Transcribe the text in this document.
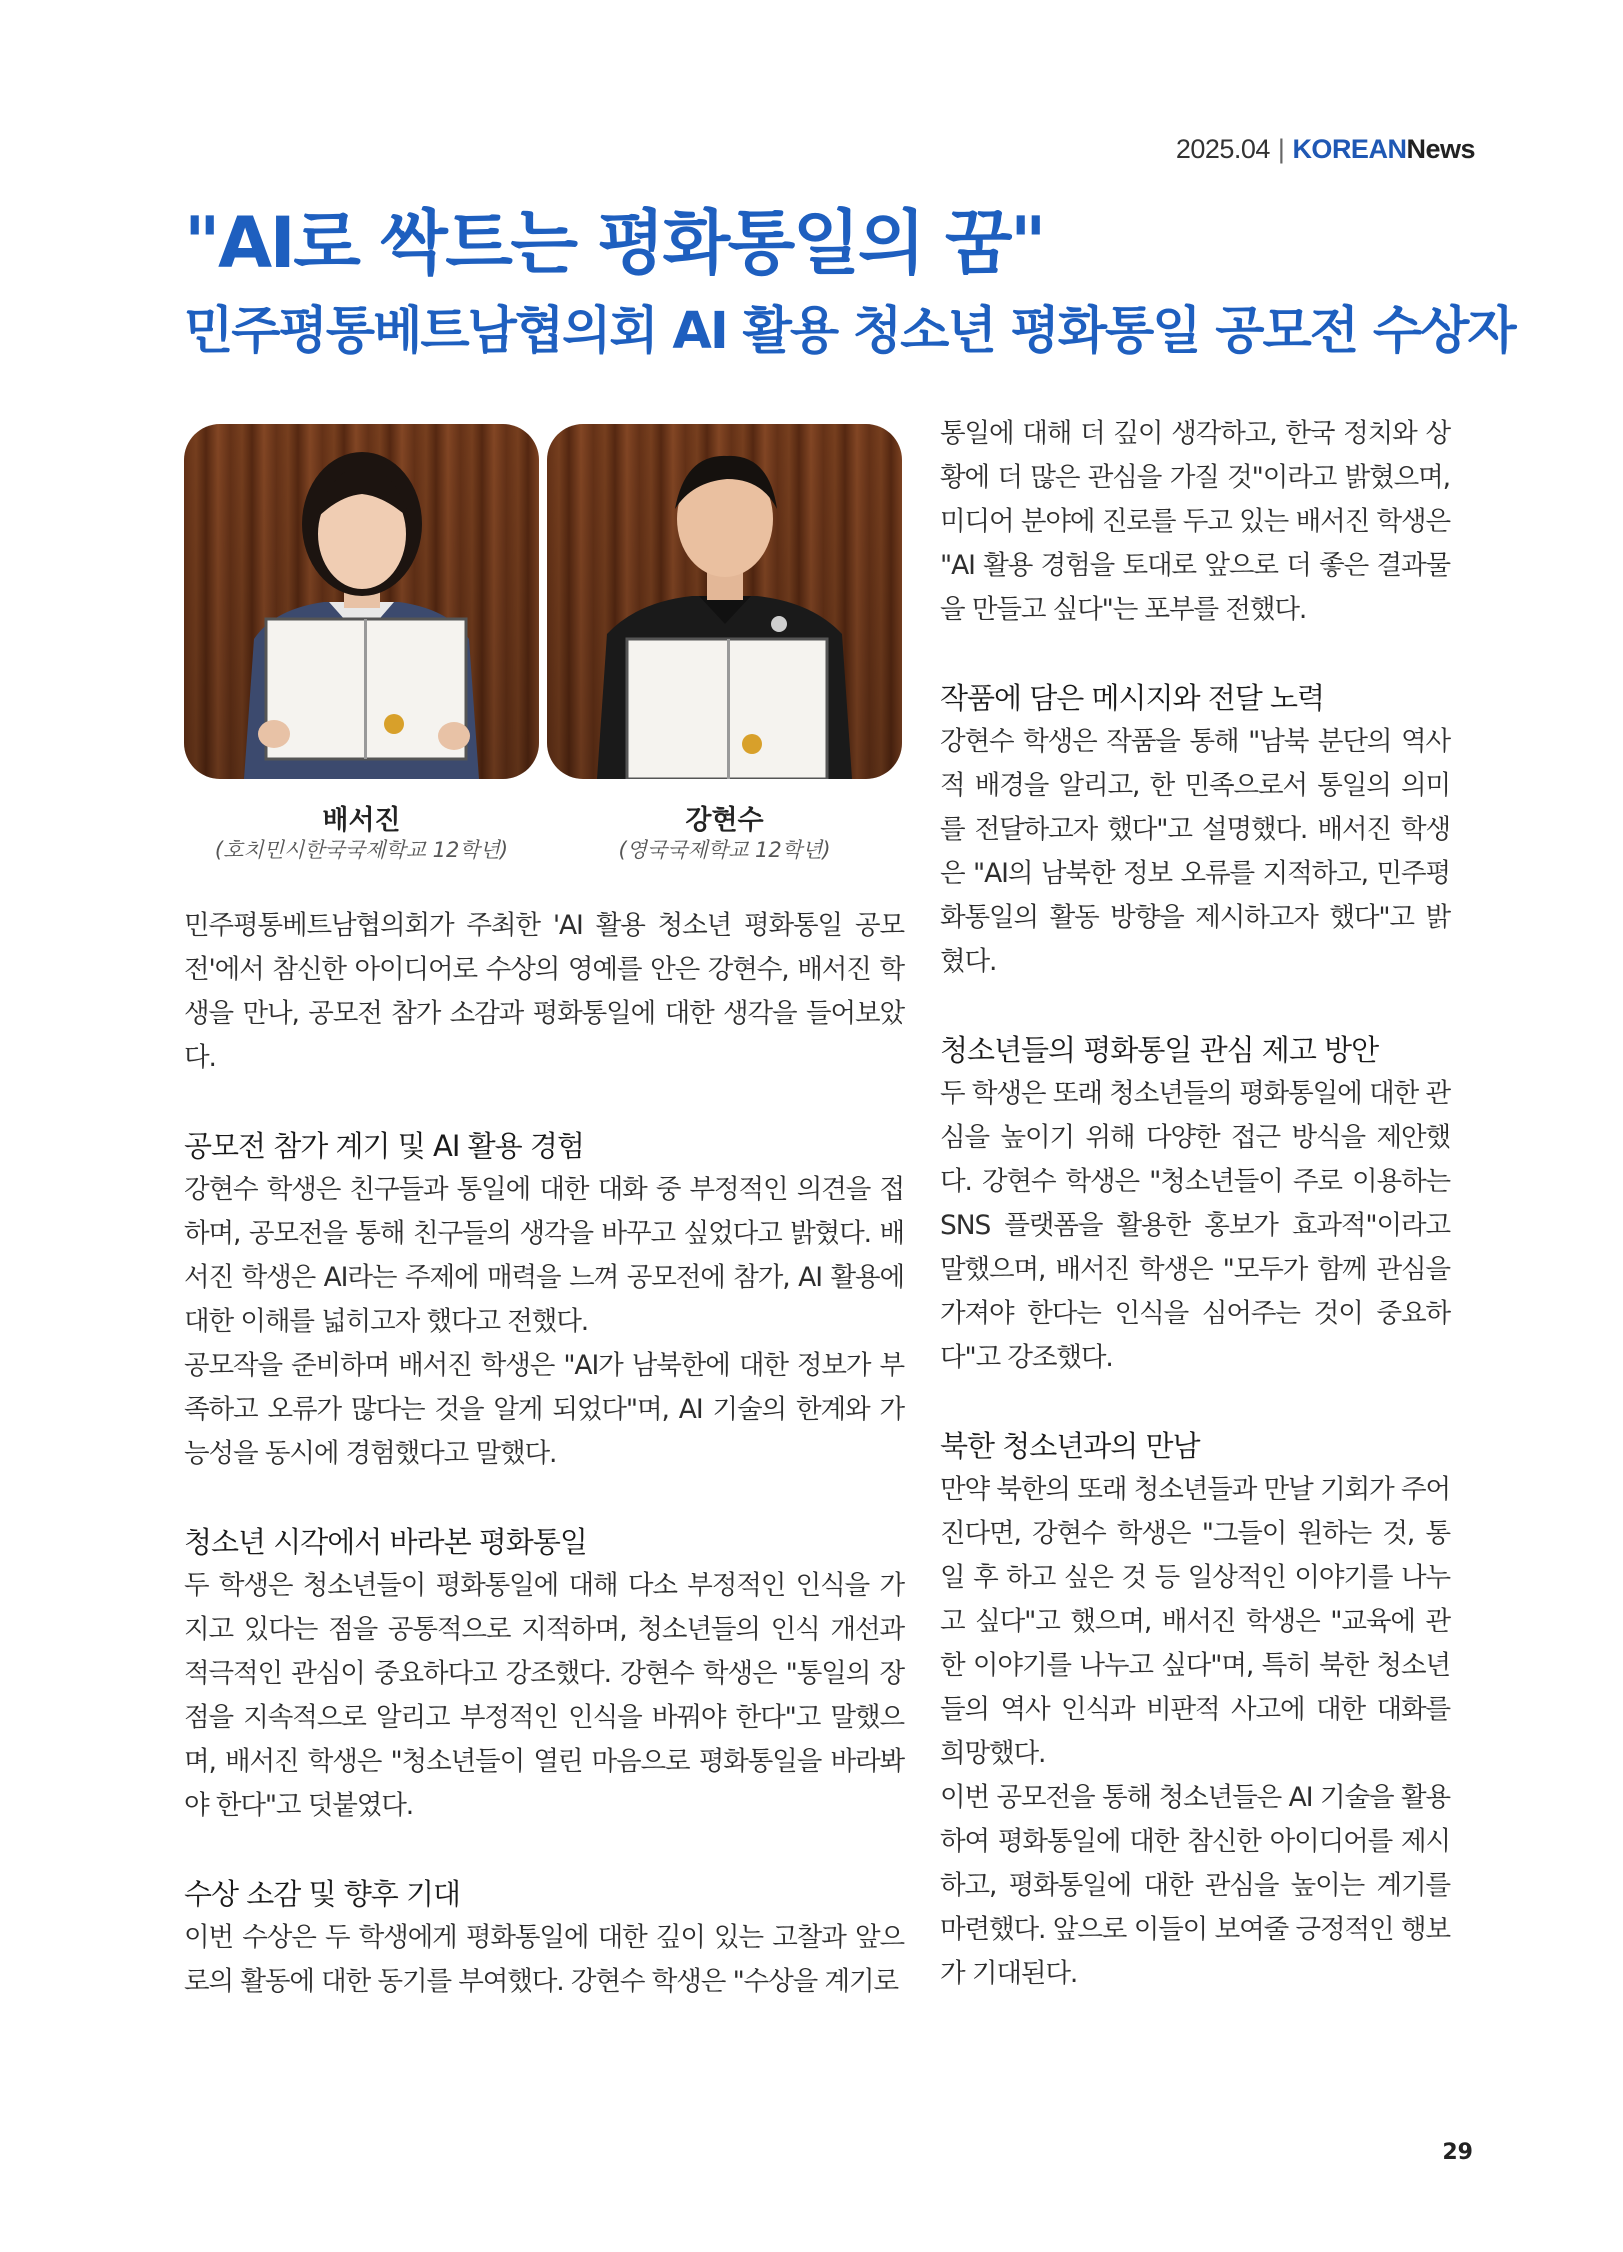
2025.04 | KOREANNews
"AI로 싹트는 평화통일의 꿈"
민주평통베트남협의회 AI 활용 청소년 평화통일 공모전 수상자
배서진
(호치민시한국국제학교 12학년)
강현수
(영국국제학교 12학년)

민주평통베트남협의회가 주최한 'AI 활용 청소년 평화통일 공모전'에서 참신한 아이디어로 수상의 영예를 안은 강현수, 배서진 학생을 만나, 공모전 참가 소감과 평화통일에 대한 생각을 들어보았다.

공모전 참가 계기 및 AI 활용 경험

강현수 학생은 친구들과 통일에 대한 대화 중 부정적인 의견을 접하며, 공모전을 통해 친구들의 생각을 바꾸고 싶었다고 밝혔다. 배서진 학생은 AI라는 주제에 매력을 느껴 공모전에 참가, AI 활용에 대한 이해를 넓히고자 했다고 전했다.

공모작을 준비하며 배서진 학생은 "AI가 남북한에 대한 정보가 부족하고 오류가 많다는 것을 알게 되었다"며, AI 기술의 한계와 가능성을 동시에 경험했다고 말했다.

청소년 시각에서 바라본 평화통일

두 학생은 청소년들이 평화통일에 대해 다소 부정적인 인식을 가지고 있다는 점을 공통적으로 지적하며, 청소년들의 인식 개선과 적극적인 관심이 중요하다고 강조했다. 강현수 학생은 "통일의 장점을 지속적으로 알리고 부정적인 인식을 바꿔야 한다"고 말했으며, 배서진 학생은 "청소년들이 열린 마음으로 평화통일을 바라봐야 한다"고 덧붙였다.

수상 소감 및 향후 기대

이번 수상은 두 학생에게 평화통일에 대한 깊이 있는 고찰과 앞으로의 활동에 대한 동기를 부여했다. 강현수 학생은 "수상을 계기로

통일에 대해 더 깊이 생각하고, 한국 정치와 상황에 더 많은 관심을 가질 것"이라고 밝혔으며, 미디어 분야에 진로를 두고 있는 배서진 학생은 "AI 활용 경험을 토대로 앞으로 더 좋은 결과물을 만들고 싶다"는 포부를 전했다.

작품에 담은 메시지와 전달 노력

강현수 학생은 작품을 통해 "남북 분단의 역사적 배경을 알리고, 한 민족으로서 통일의 의미를 전달하고자 했다"고 설명했다. 배서진 학생은 "AI의 남북한 정보 오류를 지적하고, 민주평화통일의 활동 방향을 제시하고자 했다"고 밝혔다.

청소년들의 평화통일 관심 제고 방안

두 학생은 또래 청소년들의 평화통일에 대한 관심을 높이기 위해 다양한 접근 방식을 제안했다. 강현수 학생은 "청소년들이 주로 이용하는 SNS 플랫폼을 활용한 홍보가 효과적"이라고 말했으며, 배서진 학생은 "모두가 함께 관심을 가져야 한다는 인식을 심어주는 것이 중요하다"고 강조했다.

북한 청소년과의 만남

만약 북한의 또래 청소년들과 만날 기회가 주어진다면, 강현수 학생은 "그들이 원하는 것, 통일 후 하고 싶은 것 등 일상적인 이야기를 나누고 싶다"고 했으며, 배서진 학생은 "교육에 관한 이야기를 나누고 싶다"며, 특히 북한 청소년들의 역사 인식과 비판적 사고에 대한 대화를 희망했다.

이번 공모전을 통해 청소년들은 AI 기술을 활용하여 평화통일에 대한 참신한 아이디어를 제시하고, 평화통일에 대한 관심을 높이는 계기를 마련했다. 앞으로 이들이 보여줄 긍정적인 행보가 기대된다.

29
